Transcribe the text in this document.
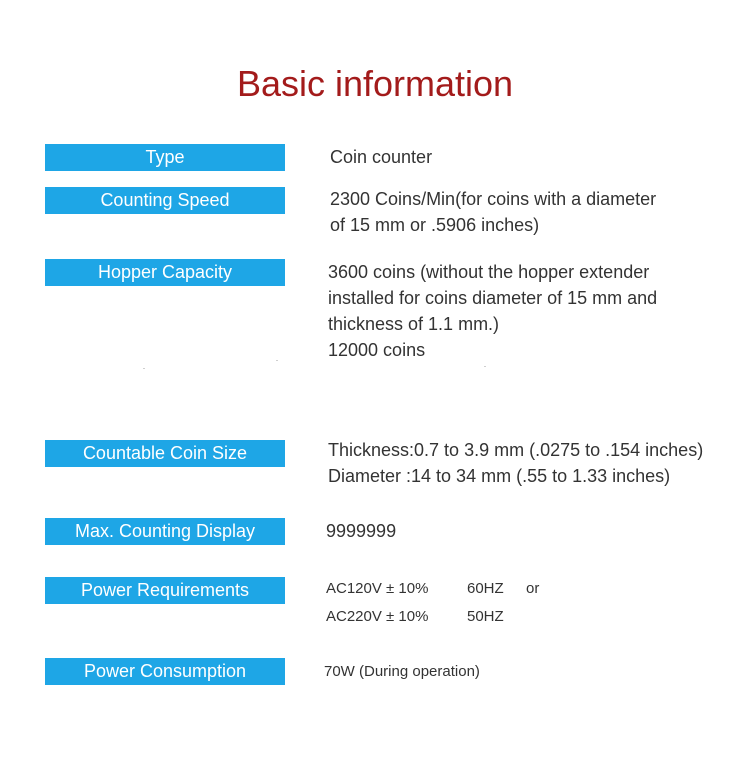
Basic information
Type	Coin counter
Counting Speed	2300 Coins/Min(for coins with a diameter
of 15 mm or .5906 inches)
Hopper Capacity	3600 coins (without the hopper extender
installed for coins diameter of 15 mm and
thickness of 1.1 mm.)
12000 coins
Countable Coin Size	Thickness:0.7 to 3.9 mm (.0275 to .154 inches)
Diameter :14 to 34 mm (.55 to 1.33 inches)
Max. Counting Display	9999999
Power Requirements	AC120V ± 10%	60HZ or
AC220V ± 10%	50HZ
Power Consumption	70W (During operation)
